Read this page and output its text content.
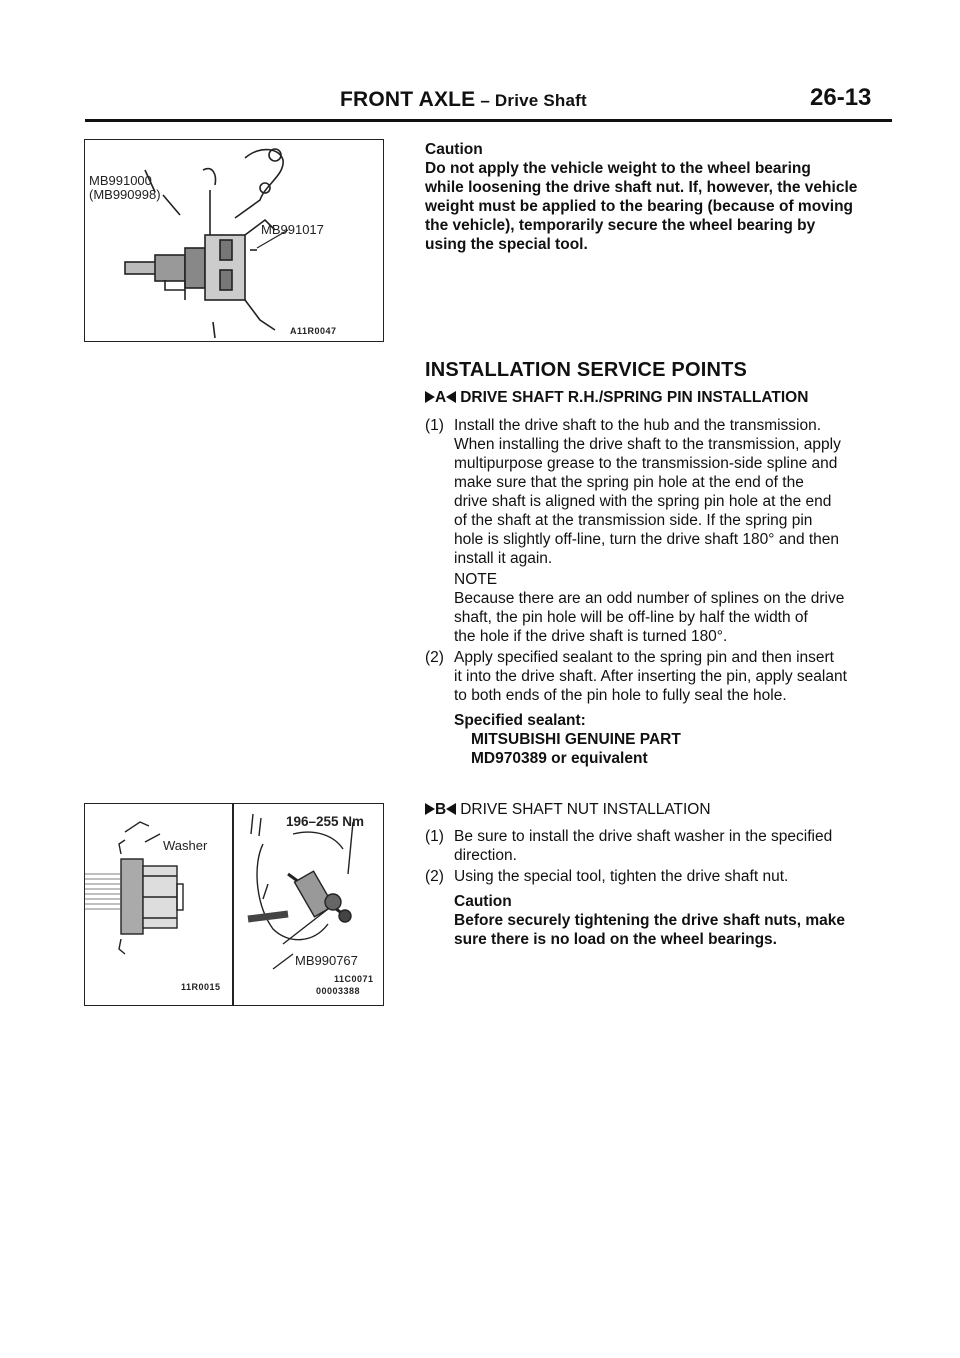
FRONT AXLE – Drive Shaft	26-13
MB991000
(MB990998)
MB991017
A11R0047
Washer
11R0015
196–255 Nm
MB990767
11C0071
00003388
Caution
Do not apply the vehicle weight to the wheel bearing
while loosening the drive shaft nut. If, however, the vehicle
weight must be applied to the bearing (because of moving
the vehicle), temporarily secure the wheel bearing by
using the special tool.
INSTALLATION SERVICE POINTS
A DRIVE SHAFT R.H./SPRING PIN INSTALLATION
(1) Install the drive shaft to the hub and the transmission.
When installing the drive shaft to the transmission, apply
multipurpose grease to the transmission-side spline and
make sure that the spring pin hole at the end of the
drive shaft is aligned with the spring pin hole at the end
of the shaft at the transmission side. If the spring pin
hole is slightly off-line, turn the drive shaft 180° and then
install it again.
NOTE
Because there are an odd number of splines on the drive
shaft, the pin hole will be off-line by half the width of
the hole if the drive shaft is turned 180°.
(2) Apply specified sealant to the spring pin and then insert
it into the drive shaft. After inserting the pin, apply sealant
to both ends of the pin hole to fully seal the hole.
Specified sealant:
MITSUBISHI GENUINE PART
MD970389 or equivalent
B DRIVE SHAFT NUT INSTALLATION
(1) Be sure to install the drive shaft washer in the specified
direction.
(2) Using the special tool, tighten the drive shaft nut.
Caution
Before securely tightening the drive shaft nuts, make
sure there is no load on the wheel bearings.
